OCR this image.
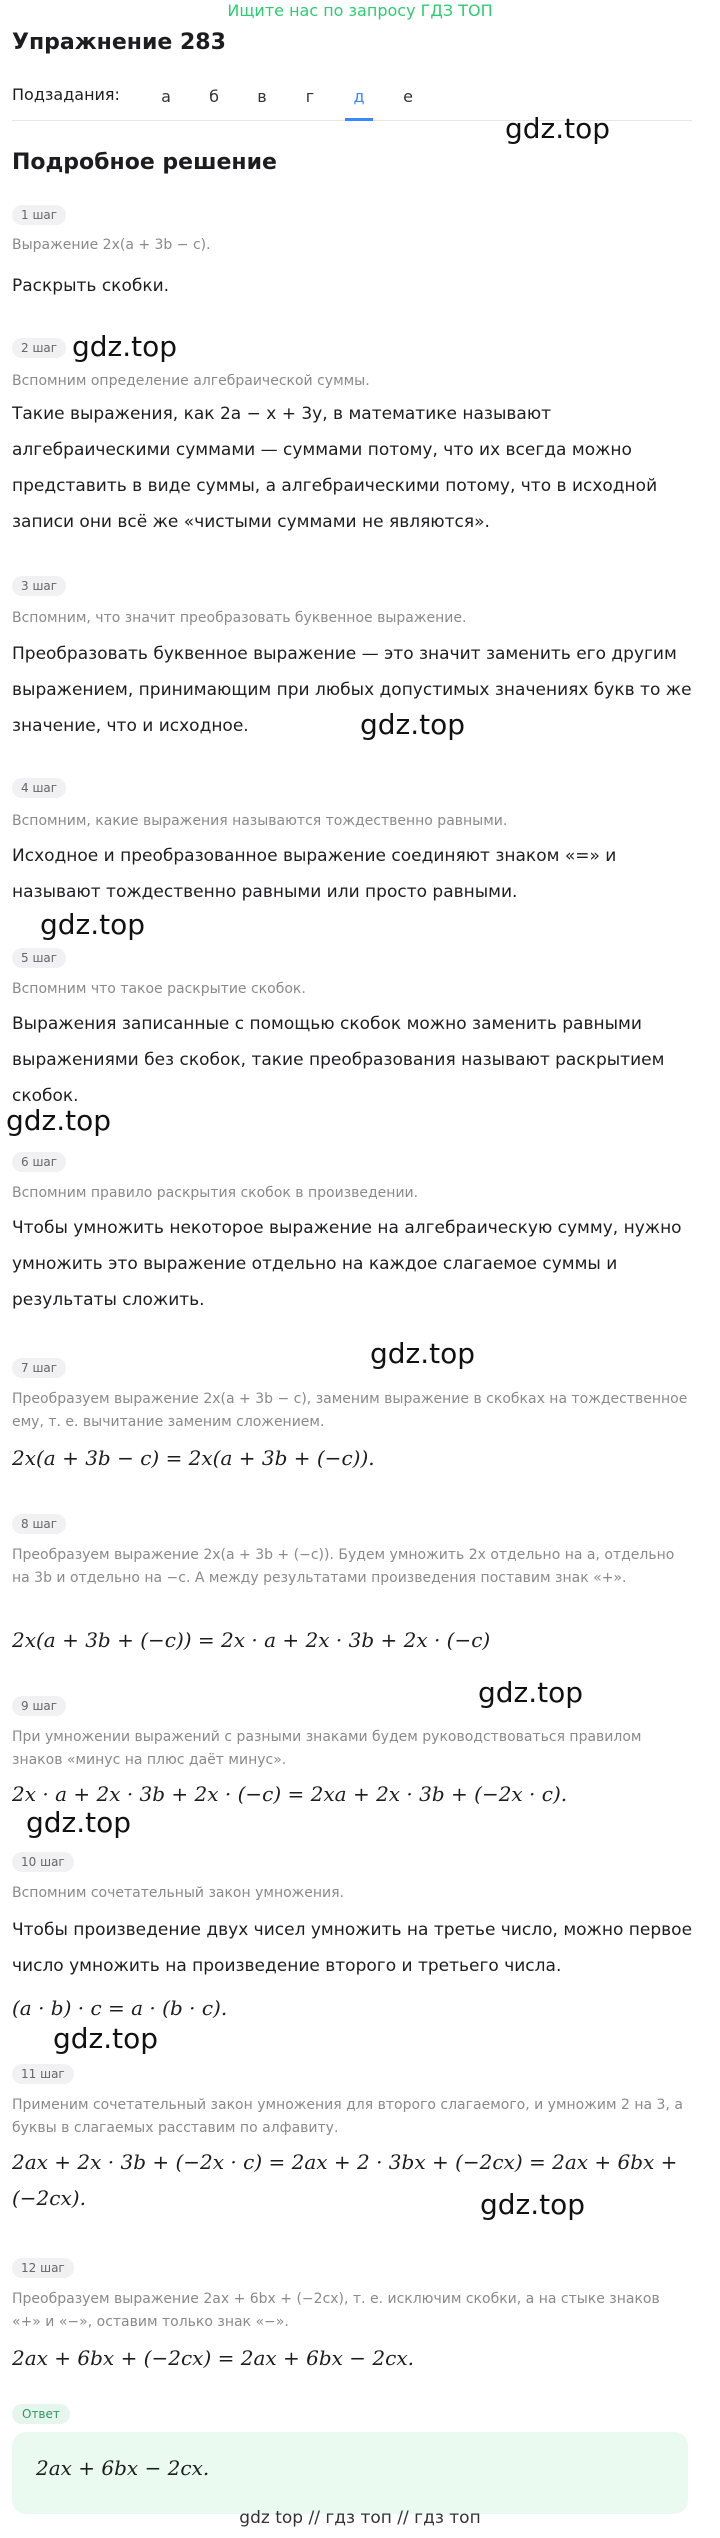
Ищите нас по запросу ГДЗ ТОП
Упражнение 283
Подзадания:	а	б	в	г	д	е
Подробное решение
gdz.top
gdz.top
gdz.top
gdz.top
gdz.top
gdz.top
gdz.top
gdz.top
gdz.top
gdz.top
1 шаг
Выражение 2x(a + 3b − c).
Раскрыть скобки.
2 шаг
Вспомним определение алгебраической суммы.
Такие выражения, как 2a − x + 3y, в математике называют алгебраическими суммами — суммами потому, что их всегда можно представить в виде суммы, а алгебраическими потому, что в исходной записи они всё же «чистыми суммами не являются».
3 шаг
Вспомним, что значит преобразовать буквенное выражение.
Преобразовать буквенное выражение — это значит заменить его другим выражением, принимающим при любых допустимых значениях букв то же значение, что и исходное.
4 шаг
Вспомним, какие выражения называются тождественно равными.
Исходное и преобразованное выражение соединяют знаком «=» и называют тождественно равными или просто равными.
5 шаг
Вспомним что такое раскрытие скобок.
Выражения записанные с помощью скобок можно заменить равными выражениями без скобок, такие преобразования называют раскрытием скобок.
6 шаг
Вспомним правило раскрытия скобок в произведении.
Чтобы умножить некоторое выражение на алгебраическую сумму, нужно умножить это выражение отдельно на каждое слагаемое суммы и результаты сложить.
7 шаг
Преобразуем выражение 2x(a + 3b − c), заменим выражение в скобках на тождественное ему, т. е. вычитание заменим сложением.
2x(a + 3b − c) = 2x(a + 3b + (−c)).
8 шаг
Преобразуем выражение 2x(a + 3b + (−c)). Будем умножить 2x отдельно на a, отдельно на 3b и отдельно на −c. А между результатами произведения поставим знак «+».
2x(a + 3b + (−c)) = 2x · a + 2x · 3b + 2x · (−c)
9 шаг
При умножении выражений с разными знаками будем руководствоваться правилом знаков «минус на плюс даёт минус».
2x · a + 2x · 3b + 2x · (−c) = 2xa + 2x · 3b + (−2x · c).
10 шаг
Вспомним сочетательный закон умножения.
Чтобы произведение двух чисел умножить на третье число, можно первое число умножить на произведение второго и третьего числа.
(a · b) · c = a · (b · c).
11 шаг
Применим сочетательный закон умножения для второго слагаемого, и умножим 2 на 3, а буквы в слагаемых расставим по алфавиту.
2ax + 2x · 3b + (−2x · c) = 2ax + 2 · 3bx + (−2cx) = 2ax + 6bx +
(−2cx).
12 шаг
Преобразуем выражение 2ax + 6bx + (−2cx), т. е. исключим скобки, а на стыке знаков «+» и «−», оставим только знак «−».
2ax + 6bx + (−2cx) = 2ax + 6bx − 2cx.
Ответ
2ax + 6bx − 2cx.
gdz top // гдз топ // гдз топ
